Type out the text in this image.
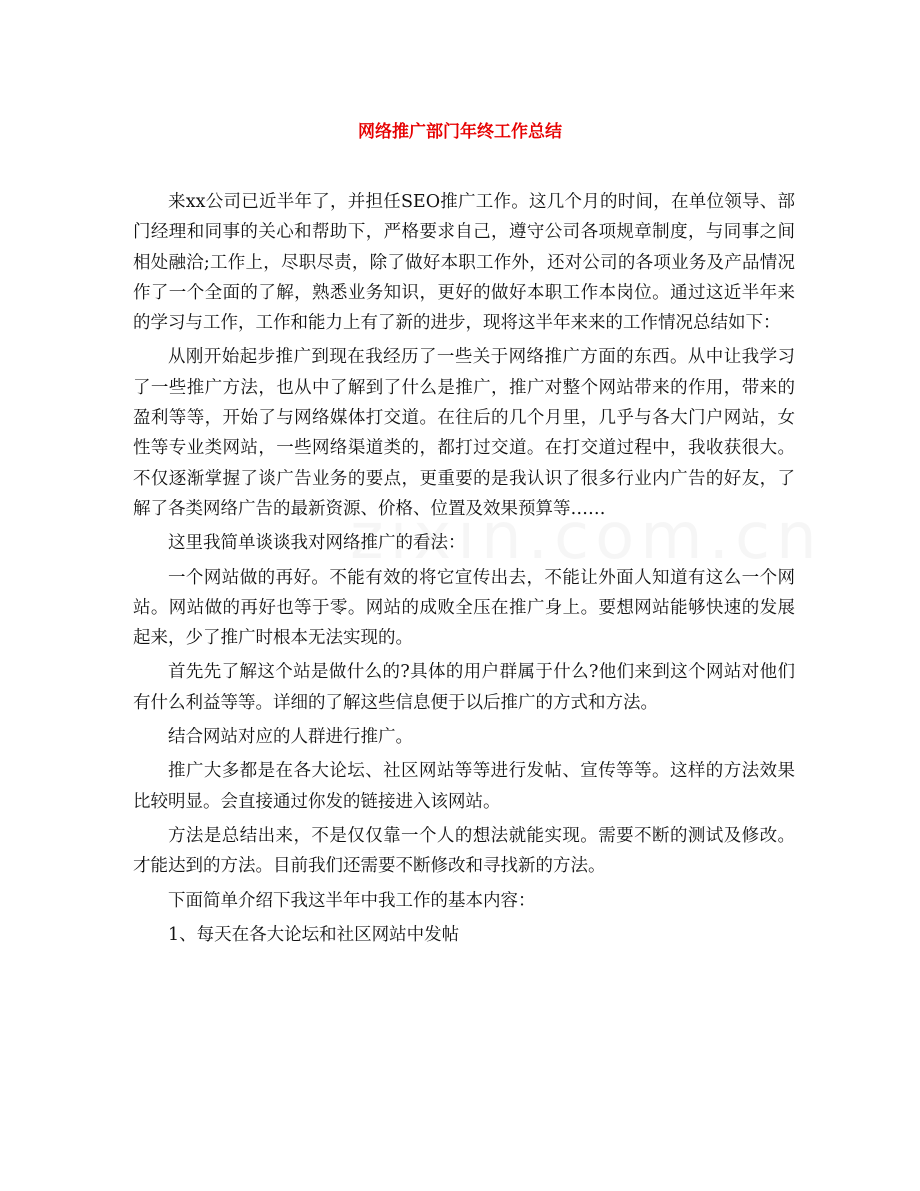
网络推广部门年终工作总结

来xx公司已近半年了，并担任SEO推广工作。这几个月的时间，在单位领导、部门经理和同事的关心和帮助下，严格要求自己，遵守公司各项规章制度，与同事之间相处融洽;工作上，尽职尽责，除了做好本职工作外，还对公司的各项业务及产品情况作了一个全面的了解，熟悉业务知识，更好的做好本职工作本岗位。通过这近半年来的学习与工作，工作和能力上有了新的进步，现将这半年来来的工作情况总结如下：

从刚开始起步推广到现在我经历了一些关于网络推广方面的东西。从中让我学习了一些推广方法，也从中了解到了什么是推广，推广对整个网站带来的作用，带来的盈利等等，开始了与网络媒体打交道。在往后的几个月里，几乎与各大门户网站，女性等专业类网站，一些网络渠道类的，都打过交道。在打交道过程中，我收获很大。不仅逐渐掌握了谈广告业务的要点，更重要的是我认识了很多行业内广告的好友，了解了各类网络广告的最新资源、价格、位置及效果预算等……

这里我简单谈谈我对网络推广的看法：

一个网站做的再好。不能有效的将它宣传出去，不能让外面人知道有这么一个网站。网站做的再好也等于零。网站的成败全压在推广身上。要想网站能够快速的发展起来，少了推广时根本无法实现的。

首先先了解这个站是做什么的?具体的用户群属于什么?他们来到这个网站对他们有什么利益等等。详细的了解这些信息便于以后推广的方式和方法。

结合网站对应的人群进行推广。

推广大多都是在各大论坛、社区网站等等进行发帖、宣传等等。这样的方法效果比较明显。会直接通过你发的链接进入该网站。

方法是总结出来，不是仅仅靠一个人的想法就能实现。需要不断的测试及修改。才能达到的方法。目前我们还需要不断修改和寻找新的方法。

下面简单介绍下我这半年中我工作的基本内容：

1、每天在各大论坛和社区网站中发帖
